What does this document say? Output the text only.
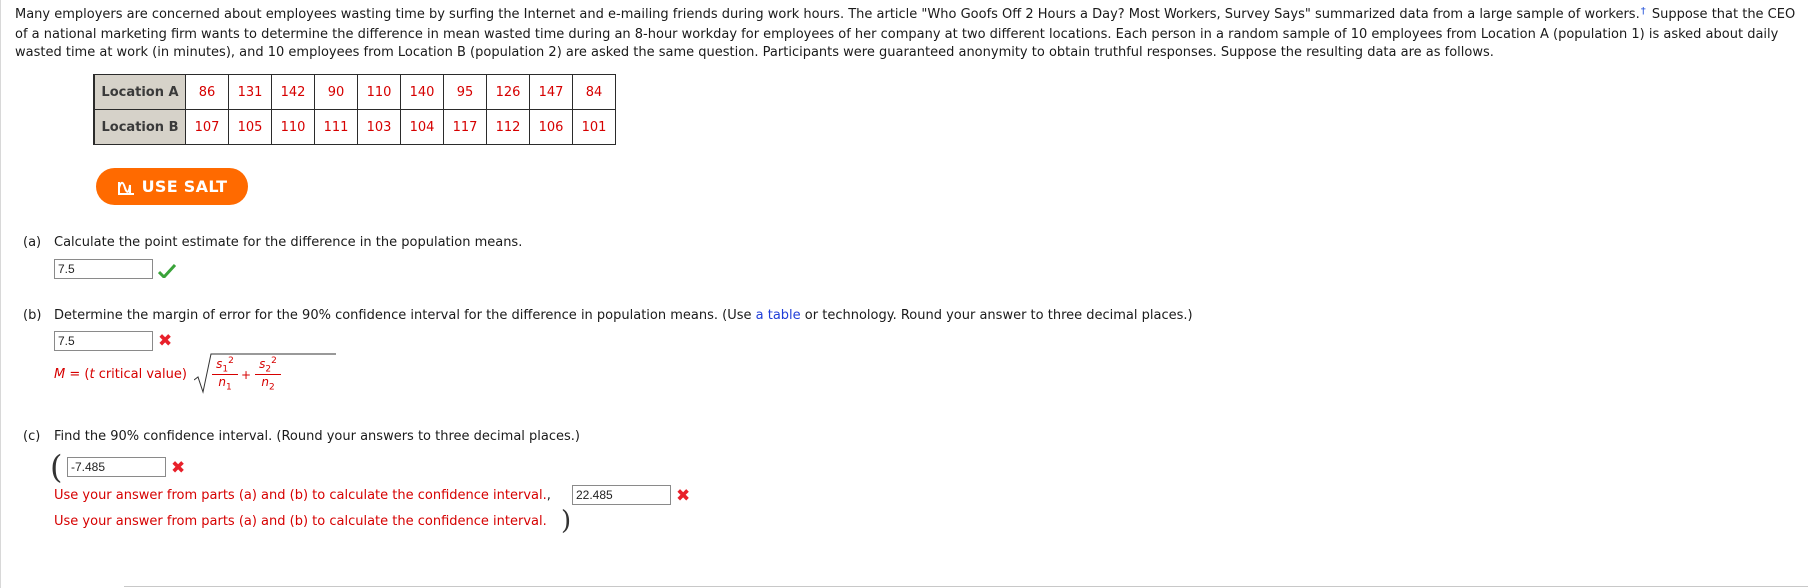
Many employers are concerned about employees wasting time by surfing the Internet and e-mailing friends during work hours. The article "Who Goofs Off 2 Hours a Day? Most Workers, Survey Says" summarized data from a large sample of workers.† Suppose that the CEO of a national marketing firm wants to determine the difference in mean wasted time during an 8-hour workday for employees of her company at two different locations. Each person in a random sample of 10 employees from Location A (population 1) is asked about daily wasted time at work (in minutes), and 10 employees from Location B (population 2) are asked the same question. Participants were guaranteed anonymity to obtain truthful responses. Suppose the resulting data are as follows.
Location A	86	131	142	90	110	140	95	126	147	84
Location B	107	105	110	111	103	104	117	112	106	101
USE SALT
(a) Calculate the point estimate for the difference in the population means.
7.5
(b) Determine the margin of error for the 90% confidence interval for the difference in population means. (Use a table or technology. Round your answer to three decimal places.)
7.5	✖
M = (t critical value) $\frac{s_1^2}{n_1} + \frac{s_2^2}{n_2}$
(c) Find the 90% confidence interval. (Round your answers to three decimal places.)
( -7.485	✖
Use your answer from parts (a) and (b) to calculate the confidence interval.,	22.485	✖
Use your answer from parts (a) and (b) to calculate the confidence interval. )
